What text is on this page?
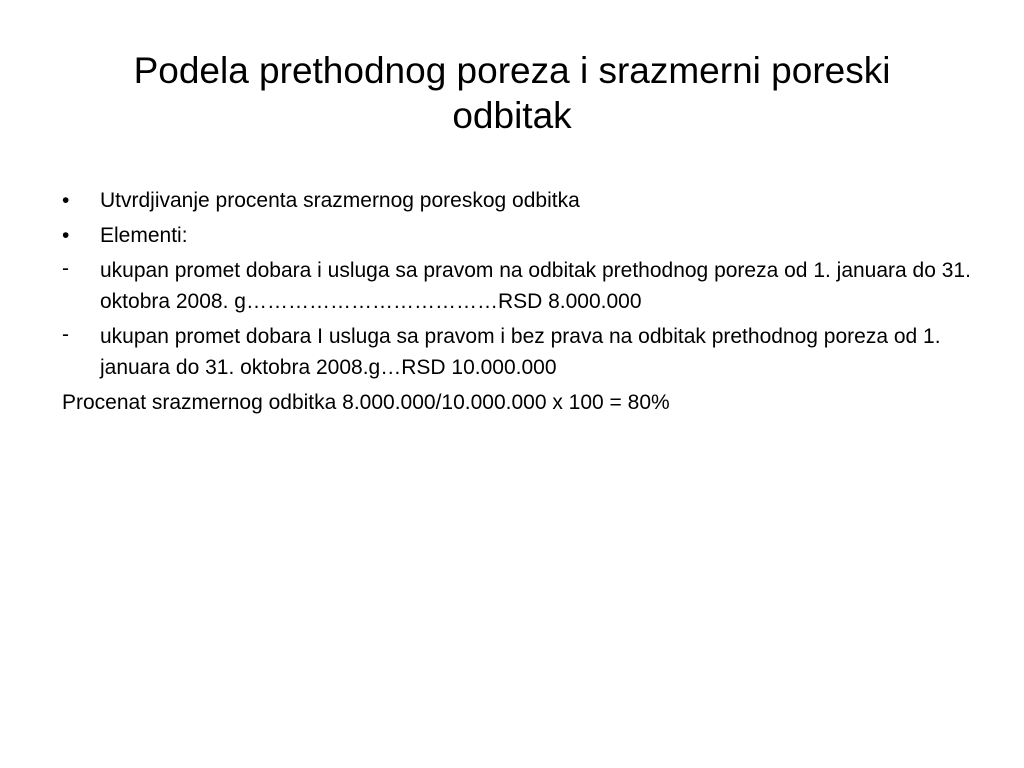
Podela prethodnog poreza i srazmerni poreski odbitak
•	Utvrdjivanje procenta srazmernog poreskog odbitka
•	Elementi:
-	ukupan promet dobara i usluga sa pravom na odbitak prethodnog poreza od 1. januara do 31. oktobra 2008. g………………………………RSD 8.000.000
-	ukupan promet dobara I usluga sa pravom i bez prava na odbitak prethodnog poreza od 1. januara do 31. oktobra 2008.g…RSD 10.000.000
Procenat srazmernog odbitka 8.000.000/10.000.000 x 100 = 80%
